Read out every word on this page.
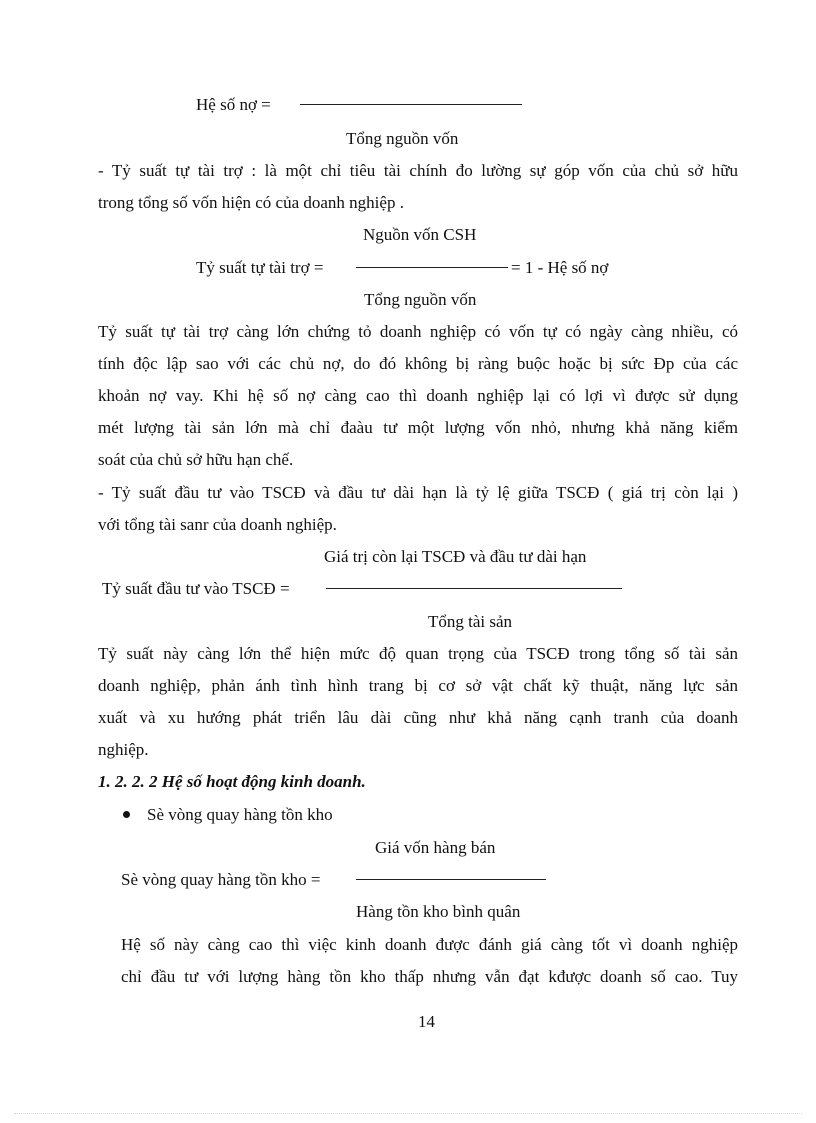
Hệ số nợ =
Tổng nguồn vốn
- Tỷ suất tự tài trợ : là một chỉ tiêu tài chính đo lường sự góp vốn của chủ sở hữu
trong tổng số vốn hiện có của doanh nghiệp .
Nguồn vốn CSH
Tỷ suất tự tài trợ =	= 1 - Hệ số nợ
Tổng nguồn vốn
Tỷ suất tự tài trợ càng lớn chứng tỏ doanh nghiệp có vốn tự có ngày càng nhiều, có
tính độc lập sao với các chủ nợ, do đó không bị ràng buộc hoặc bị sức Đp của các
khoản nợ vay. Khi hệ số nợ càng cao thì doanh nghiệp lại có lợi vì được sử dụng
mét lượng tài sản lớn mà chỉ đaàu tư một lượng vốn nhỏ, nhưng khả năng kiểm
soát của chủ sở hữu hạn chế.
- Tỷ suất đầu tư vào TSCĐ và đầu tư dài hạn là tỷ lệ giữa TSCĐ ( giá trị còn lại )
với tổng tài sanr của doanh nghiệp.
Giá trị còn lại TSCĐ và đầu tư dài hạn
Tỷ suất đầu tư vào TSCĐ =
Tổng tài sản
Tỷ suất này càng lớn thể hiện mức độ quan trọng của TSCĐ trong tổng số tài sản
doanh nghiệp, phản ánh tình hình trang bị cơ sở vật chất kỹ thuật, năng lực sản
xuất và xu hướng phát triển lâu dài cũng như khả năng cạnh tranh của doanh
nghiệp.
1. 2. 2. 2 Hệ số hoạt động kinh doanh.
Sè vòng quay hàng tồn kho
Giá vốn hàng bán
Sè vòng quay hàng tồn kho =
Hàng tồn kho bình quân
Hệ số này càng cao thì việc kinh doanh được đánh giá càng tốt vì doanh nghiệp
chỉ đầu tư với lượng hàng tồn kho thấp nhưng vẫn đạt kđược doanh số cao. Tuy
14
